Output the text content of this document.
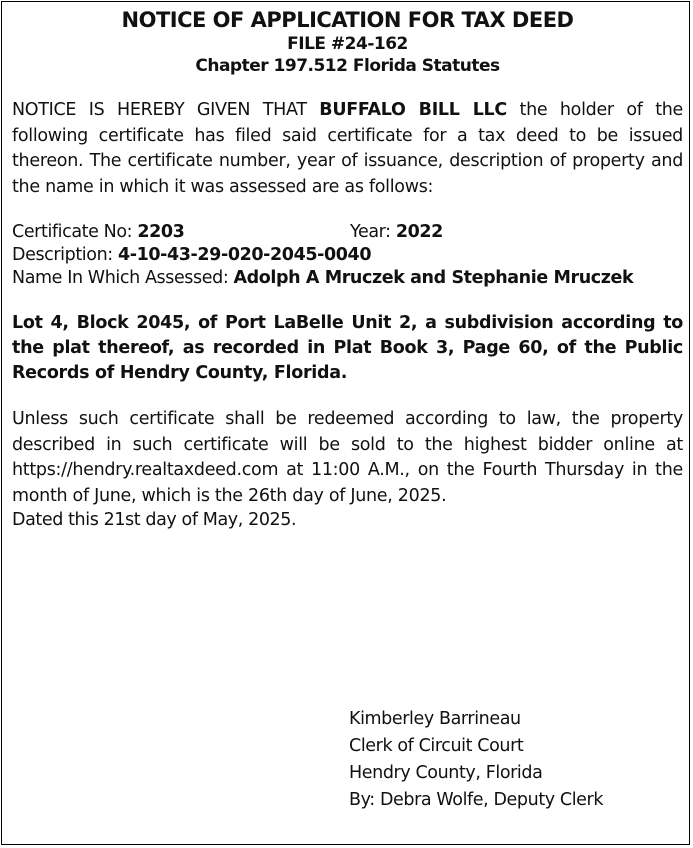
NOTICE OF APPLICATION FOR TAX DEED
FILE #24-162
Chapter 197.512 Florida Statutes

NOTICE IS HEREBY GIVEN THAT BUFFALO BILL LLC the holder of the following certificate has filed said certificate for a tax deed to be issued thereon. The certificate number, year of issuance, description of property and the name in which it was assessed are as follows:

Certificate No: 2203	Year: 2022
Description: 4-10-43-29-020-2045-0040
Name In Which Assessed: Adolph A Mruczek and Stephanie Mruczek

Lot 4, Block 2045, of Port LaBelle Unit 2, a subdivision according to the plat thereof, as recorded in Plat Book 3, Page 60, of the Public Records of Hendry County, Florida.

Unless such certificate shall be redeemed according to law, the property described in such certificate will be sold to the highest bidder online at https://hendry.realtaxdeed.com at 11:00 A.M., on the Fourth Thursday in the month of June, which is the 26th day of June, 2025.

Dated this 21st day of May, 2025.
Kimberley Barrineau
Clerk of Circuit Court
Hendry County, Florida
By: Debra Wolfe, Deputy Clerk
